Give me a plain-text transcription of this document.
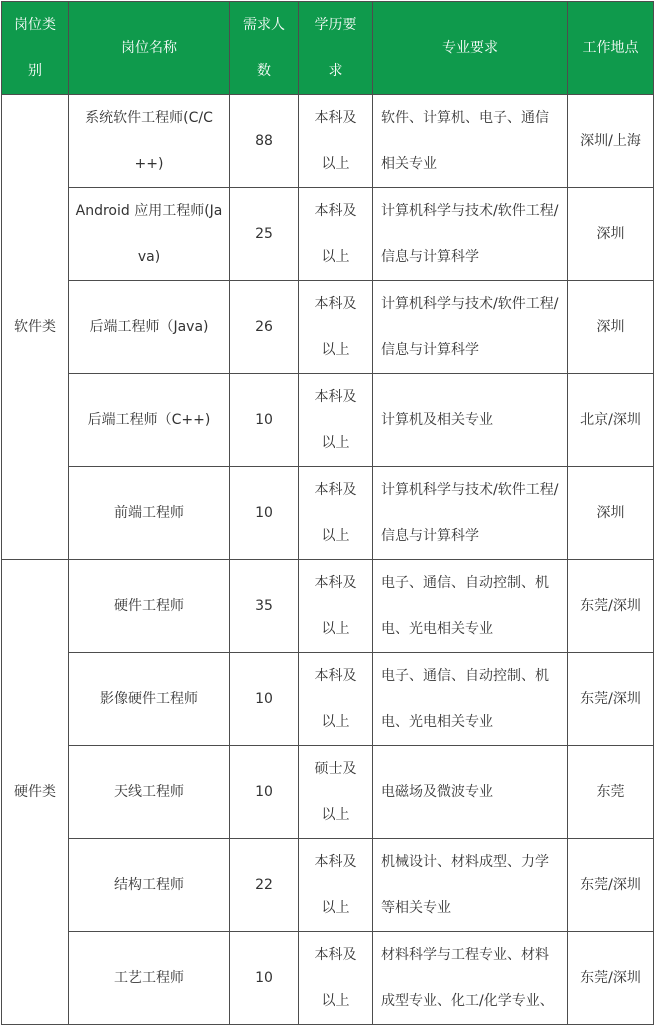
岗位类别	岗位名称	需求人数	学历要求	专业要求	工作地点
软件类	系统软件工程师(C/C++)	88	本科及以上	软件、计算机、电子、通信相关专业	深圳/上海
	Android 应用工程师(Java)	25	本科及以上	计算机科学与技术/软件工程/信息与计算科学	深圳
	后端工程师（Java)	26	本科及以上	计算机科学与技术/软件工程/信息与计算科学	深圳
	后端工程师（C++)	10	本科及以上	计算机及相关专业	北京/深圳
	前端工程师	10	本科及以上	计算机科学与技术/软件工程/信息与计算科学	深圳
硬件类	硬件工程师	35	本科及以上	电子、通信、自动控制、机电、光电相关专业	东莞/深圳
	影像硬件工程师	10	本科及以上	电子、通信、自动控制、机电、光电相关专业	东莞/深圳
	天线工程师	10	硕士及以上	电磁场及微波专业	东莞
	结构工程师	22	本科及以上	机械设计、材料成型、力学等相关专业	东莞/深圳
	工艺工程师	10	本科及以上	材料科学与工程专业、材料成型专业、化工/化学专业、	东莞/深圳
